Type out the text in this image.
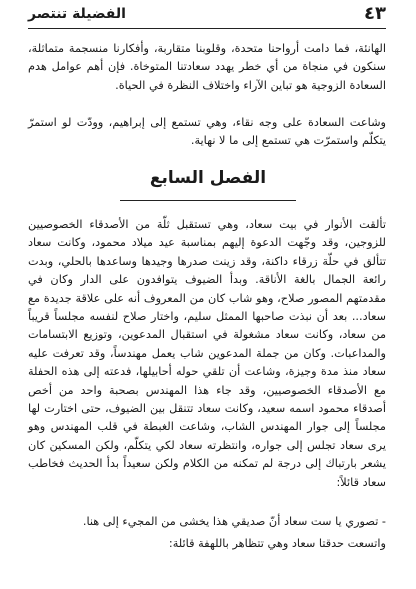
الفضيلة تنتصر	٤٣

الهانئة، فما دامت أرواحنا متحدة، وقلوبنا متقاربة، وأفكارنا منسجمة متماثلة، سنكون في منجاة من أي خطر يهدد سعادتنا المتوخاة. فإن أهم عوامل هدم السعادة الزوجية هو تباين الآراء واختلاف النظرة في الحياة.

وشاعت السعادة على وجه نقاء، وهي تستمع إلى إبراهيم، وودّت لو استمرّ يتكلّم واستمرّت هي تستمع إلى ما لا نهاية.

الفصل السابع

تألقت الأنوار في بيت سعاد، وهي تستقبل ثلّة من الأصدقاء الخصوصيين للزوجين، وقد وجّهت الدعوة إليهم بمناسبة عيد ميلاد محمود، وكانت سعاد تتألق في حلّة زرقاء داكنة، وقد زينت صدرها وجيدها وساعدها بالحلي، وبدت رائعة الجمال بالغة الأناقة. وبدأ الضيوف يتوافدون على الدار وكان في مقدمتهم المصور صلاح، وهو شاب كان من المعروف أنه على علاقة جديدة مع سعاد... بعد أن نبذت صاحبها الممثل سليم، واختار صلاح لنفسه مجلساً قريباً من سعاد، وكانت سعاد مشغولة في استقبال المدعوين، وتوزيع الابتسامات والمداعبات. وكان من جملة المدعوين شاب يعمل مهندساً، وقد تعرفت عليه سعاد منذ مدة وجيزة، وشاعت أن تلقي حوله أحابيلها، فدعته إلى هذه الحفلة مع الأصدقاء الخصوصيين، وقد جاء هذا المهندس بصحبة واحد من أخص أصدقاء محمود اسمه سعيد، وكانت سعاد تتنقل بين الضيوف، حتى اختارت لها مجلساً إلى جوار المهندس الشاب، وشاعت الغبطة في قلب المهندس وهو يرى سعاد تجلس إلى جواره، وانتظرته سعاد لكي يتكلّم، ولكن المسكين كان يشعر بارتباك إلى درجة لم تمكنه من الكلام ولكن سعيداً بدأ الحديث فخاطب سعاد قائلاً:

- تصوري يا ست سعاد أنّ صديقي هذا يخشى من المجيء إلى هنا.

واتسعت حدقتا سعاد وهي تتظاهر باللهفة قائلة:
